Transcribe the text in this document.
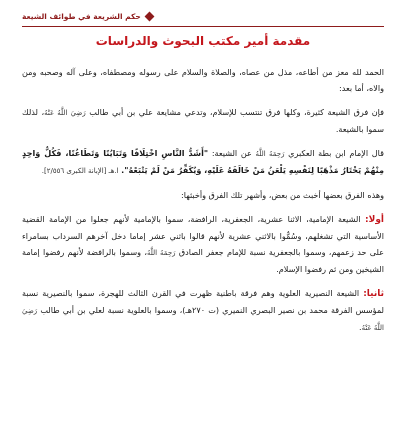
حكم الشريعة في طوائف الشيعة
مقدمة أمير مكتب البحوث والدراسات

الحمد لله معز من أطاعه، مذل من عصاه، والصلاة والسلام على رسوله ومصطفاه، وعلى آله وصحبه ومن والاه، أما بعد:

فإن فرق الشيعة كثيرة، وكلها فرق تنتسب للإسلام، وتدعي مشايعة علي بن أبي طالب رَضِيَ اللَّهُ عَنْهُ، لذلك سموا بالشيعة.

قال الإمام ابن بطة العكبري رَحِمَهُ اللَّهُ عن الشيعة: "أَشَدُّ النَّاسِ اخْتِلَافًا وَتَبَايُنًا وَتَطَاعُنًا، فَكُلُّ وَاحِدٍ مِنْهُمْ يَخْتَارُ مَذْهَبًا لِنَفْسِهِ يَلْعَنُ مَنْ خَالَفَهُ عَلَيْهِ، وَيُكَفِّرُ مَنْ لَمْ يَتْبَعْهُ". ا.هـ [الإبانة الكبرى ٢/٥٥٦].

وهذه الفرق بعضها أخبث من بعض، وأشهر تلك الفرق وأخبثها:

أولا: الشيعة الإمامية، الاثنا عشرية، الجعفرية، الرافضة، سموا بالإمامية لأنهم جعلوا من الإمامة القضية الأساسية التي تشغلهم، وسُمُّوا بالاثني عشرية لأنهم قالوا باثني عشر إماما دخل آخرهم السرداب بسامراء على حد زعمهم، وسموا بالجعفرية نسبة للإمام جعفر الصادق رَحِمَهُ اللَّهُ، وسموا بالرافضة لأنهم رفضوا إمامة الشيخين ومن ثم رفضوا الإسلام.

ثانيا: الشيعة النصيرية العلوية وهم فرقة باطنية ظهرت في القرن الثالث للهجرة، سموا بالنصيرية نسبة لمؤسس الفرقة محمد بن نصير البصري النميري (ت ٢٧٠هـ)، وسموا بالعلوية نسبة لعلي بن أبي طالب رَضِيَ اللَّهُ عَنْهُ.
